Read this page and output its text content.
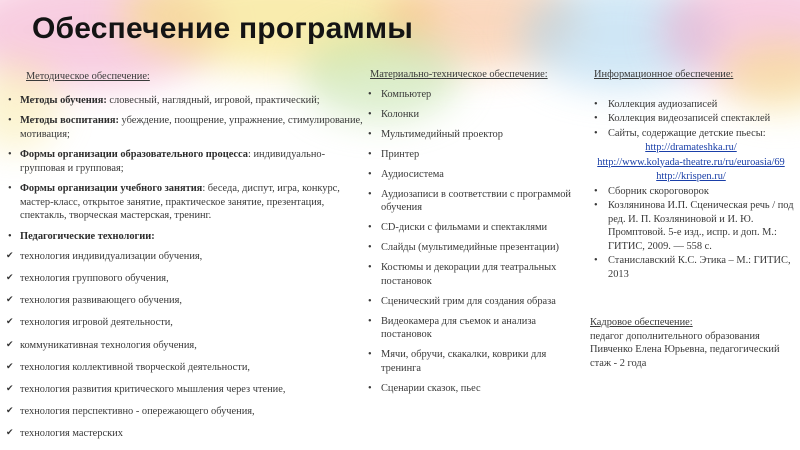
Обеспечение программы
Методическое обеспечение:
• Методы обучения: словесный, наглядный, игровой, практический;
• Методы воспитания: убеждение, поощрение, упражнение, стимулирование, мотивация;
• Формы организации образовательного процесса: индивидуально-групповая и групповая;
• Формы организации учебного занятия: беседа, диспут, игра, конкурс, мастер-класс, открытое занятие, практическое занятие, презентация, спектакль, творческая мастерская, тренинг.
• Педагогические технологии:
✔ технология индивидуализации обучения,
✔ технология группового обучения,
✔ технология развивающего обучения,
✔ технология игровой деятельности,
✔ коммуникативная технология обучения,
✔ технология коллективной творческой деятельности,
✔ технология развития критического мышления через чтение,
✔ технология перспективно - опережающего обучения,
✔ технология мастерских
Материально-техническое обеспечение:
• Компьютер
• Колонки
• Мультимедийный проектор
• Принтер
• Аудиосистема
• Аудиозаписи в соответствии с программой обучения
• CD-диски с фильмами и спектаклями
• Слайды (мультимедийные презентации)
• Костюмы и декорации для театральных постановок
• Сценический грим для создания образа
• Видеокамера для съемок и анализа постановок
• Мячи, обручи, скакалки, коврики для тренинга
• Сценарии сказок, пьес
Информационное обеспечение:
• Коллекция аудиозаписей
• Коллекция видеозаписей спектаклей
• Сайты, содержащие детские пьесы:
http://dramateshka.ru/
http://www.kolyada-theatre.ru/ru/euroasia/69
http://krispen.ru/
• Сборник скороговорок
• Козлянинова И.П. Сценическая речь / под ред. И. П. Козляниновой и И. Ю. Промптовой. 5-е изд., испр. и доп. М.: ГИТИС, 2009. — 558 с.
• Станиславский К.С. Этика – М.: ГИТИС, 2013
Кадровое обеспечение:
педагог дополнительного образования Пивченко Елена Юрьевна, педагогический стаж - 2 года
